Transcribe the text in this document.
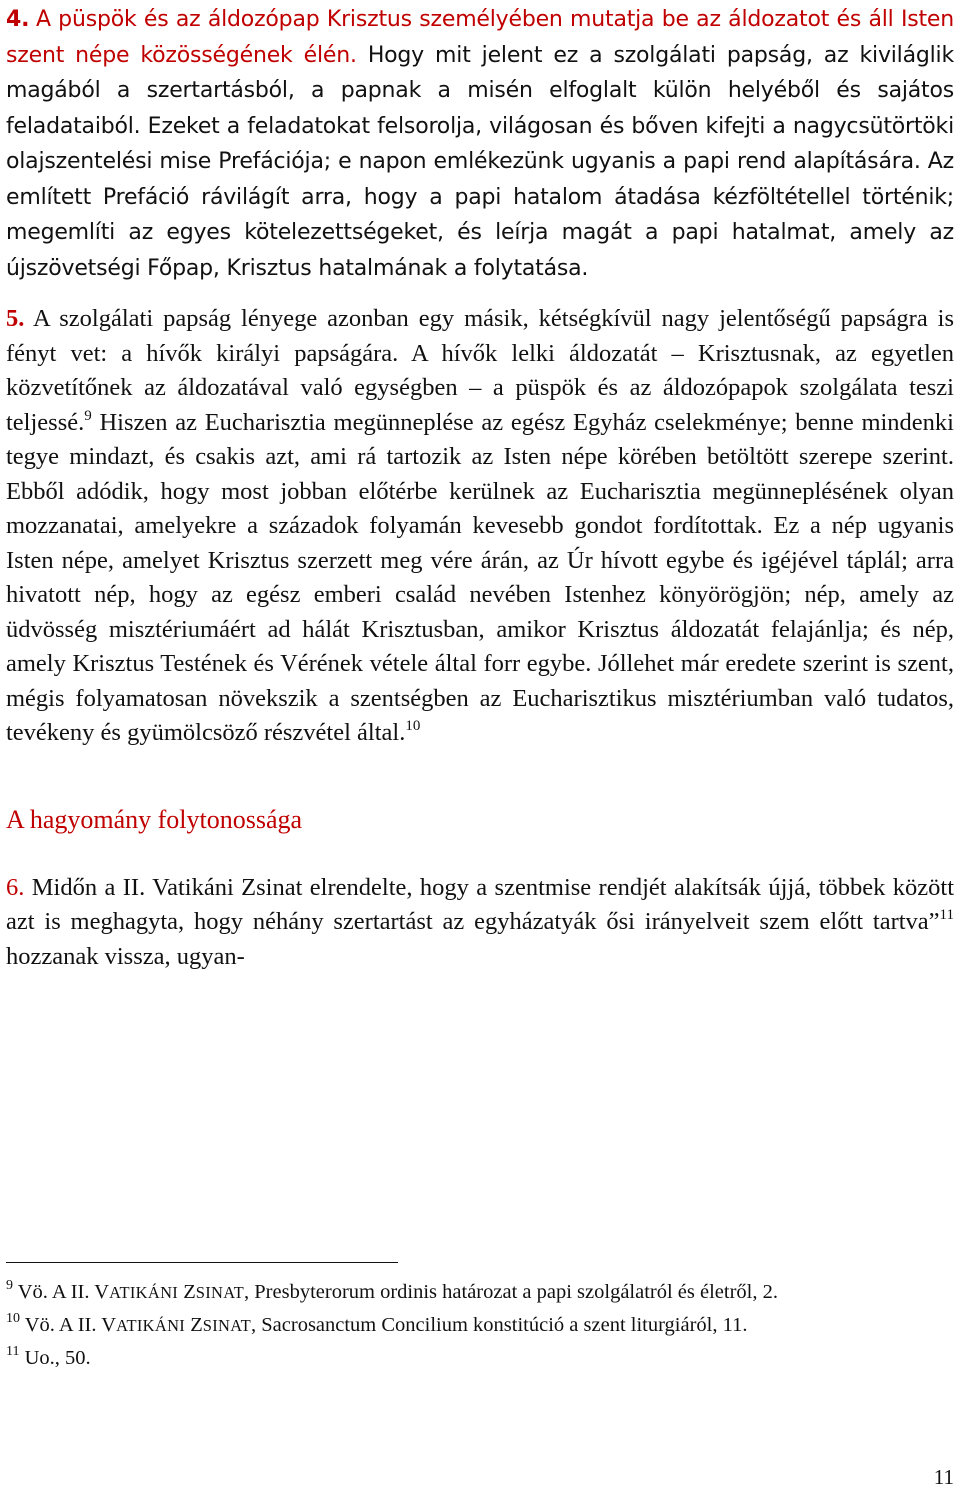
4. A püspök és az áldozópap Krisztus személyében mutatja be az áldozatot és áll Isten szent népe közösségének élén. Hogy mit jelent ez a szolgálati papság, az kiviláglik magából a szertartásból, a papnak a misén elfoglalt külön helyéből és sajátos feladataiból. Ezeket a feladatokat felsorolja, világosan és bőven kifejti a nagycsütörtöki olajszentelési mise Prefációja; e napon emlékezünk ugyanis a papi rend alapítására. Az említett Prefáció rávilágít arra, hogy a papi hatalom átadása kézföltétellel történik; megemlíti az egyes kötelezettségeket, és leírja magát a papi hatalmat, amely az újszövetségi Főpap, Krisztus hatalmának a folytatása.

5. A szolgálati papság lényege azonban egy másik, kétségkívül nagy jelentőségű papságra is fényt vet: a hívők királyi papságára. A hívők lelki áldozatát – Krisztusnak, az egyetlen közvetítőnek az áldozatával való egységben – a püspök és az áldozópapok szolgálata teszi teljessé.$^9$ Hiszen az Eucharisztia megünneplése az egész Egyház cselekménye; benne mindenki tegye mindazt, és csakis azt, ami rá tartozik az Isten népe körében betöltött szerepe szerint. Ebből adódik, hogy most jobban előtérbe kerülnek az Eucharisztia megünneplésének olyan mozzanatai, amelyekre a századok folyamán kevesebb gondot fordítottak. Ez a nép ugyanis Isten népe, amelyet Krisztus szerzett meg vére árán, az Úr hívott egybe és igéjével táplál; arra hivatott nép, hogy az egész emberi család nevében Istenhez könyörögjön; nép, amely az üdvösség misztériumáért ad hálát Krisztusban, amikor Krisztus áldozatát felajánlja; és nép, amely Krisztus Testének és Vérének vétele által forr egybe. Jóllehet már eredete szerint is szent, mégis folyamatosan növekszik a szentségben az Eucharisztikus misztériumban való tudatos, tevékeny és gyümölcsöző részvétel által.$^{10}$

A hagyomány folytonossága

6. Midőn a II. Vatikáni Zsinat elrendelte, hogy a szentmise rendjét alakítsák újjá, többek között azt is meghagyta, hogy néhány szertartást az egyházatyák ősi irányelveit szem előtt tartva”$^{11}$ hozzanak vissza, ugyan-

$^9$ Vö. A II. VATIKÁNI ZSINAT, Presbyterorum ordinis határozat a papi szolgálatról és életről, 2.

$^{10}$ Vö. A II. VATIKÁNI ZSINAT, Sacrosanctum Concilium konstitúció a szent liturgiáról, 11.

$^{11}$ Uo., 50.

11
